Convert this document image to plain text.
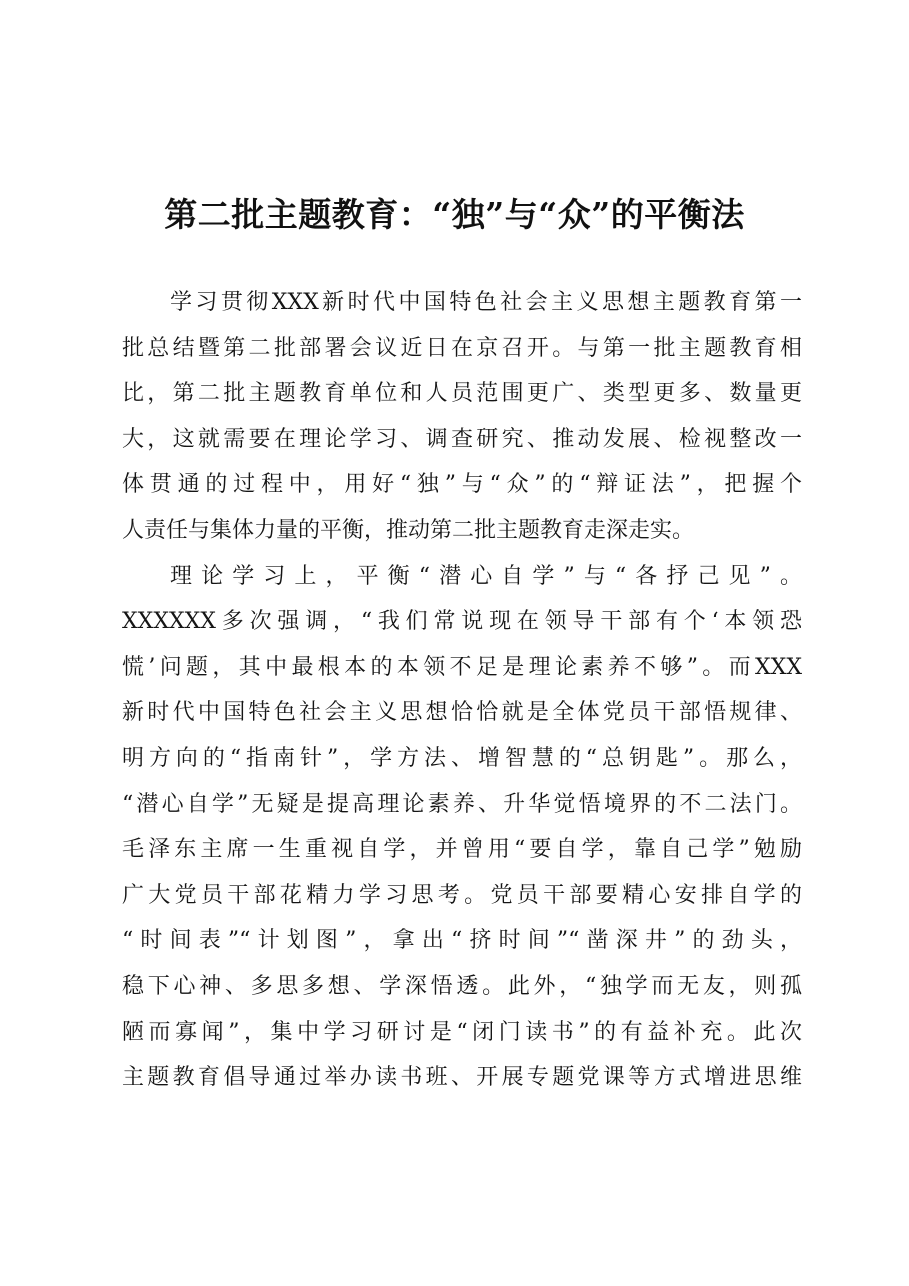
第二批主题教育：“独”与“众”的平衡法
学习贯彻XXX新时代中国特色社会主义思想主题教育第一
批总结暨第二批部署会议近日在京召开。与第一批主题教育相
比，第二批主题教育单位和人员范围更广、类型更多、数量更
大，这就需要在理论学习、调查研究、推动发展、检视整改一
体贯通的过程中，用好“独”与“众”的“辩证法”，把握个
人责任与集体力量的平衡，推动第二批主题教育走深走实。
理论学习上，平衡“潜心自学”与“各抒己见”。
XXXXXX多次强调，“我们常说现在领导干部有个‘本领恐
慌’问题，其中最根本的本领不足是理论素养不够”。而XXX
新时代中国特色社会主义思想恰恰就是全体党员干部悟规律、
明方向的“指南针”，学方法、增智慧的“总钥匙”。那么，
“潜心自学”无疑是提高理论素养、升华觉悟境界的不二法门。
毛泽东主席一生重视自学，并曾用“要自学，靠自己学”勉励
广大党员干部花精力学习思考。党员干部要精心安排自学的
“时间表”“计划图”，拿出“挤时间”“凿深井”的劲头，
稳下心神、多思多想、学深悟透。此外，“独学而无友，则孤
陋而寡闻”，集中学习研讨是“闭门读书”的有益补充。此次
主题教育倡导通过举办读书班、开展专题党课等方式增进思维
